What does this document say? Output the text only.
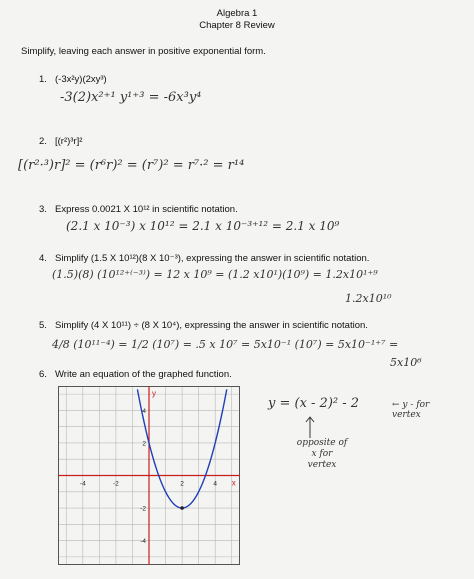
Algebra 1
Chapter 8 Review
Simplify, leaving each answer in positive exponential form.
1. (-3x²y)(2xy³)
-3(2)x²⁺¹ y¹⁺³ = -6x³y⁴
2. [(r²)³r]²
[(r²·³)r]² = (r⁶r)² = (r⁷)² = r⁷·² = r¹⁴
3. Express 0.0021 X 10¹² in scientific notation.
(2.1 x 10⁻³) x 10¹² = 2.1 x 10⁻³⁺¹² = 2.1 x 10⁹
4. Simplify (1.5 X 10¹²)(8 X 10⁻³), expressing the answer in scientific notation.
(1.5)(8) (10¹²⁺⁽⁻³⁾) = 12 x 10⁹ = (1.2 x10¹)(10⁹) = 1.2x10¹⁺⁹
1.2x10¹⁰
5. Simplify (4 X 10¹¹) ÷ (8 X 10⁴), expressing the answer in scientific notation.
4/8 (10¹¹⁻⁴) = 1/2 (10⁷) = .5 x 10⁷ = 5x10⁻¹ (10⁷) = 5x10⁻¹⁺⁷ =
5x10⁶
6. Write an equation of the graphed function.
y = (x - 2)² - 2	← y - for vertex
opposite of x for vertex
x
y
-4	-2	2	4
4
2
-2
-4
